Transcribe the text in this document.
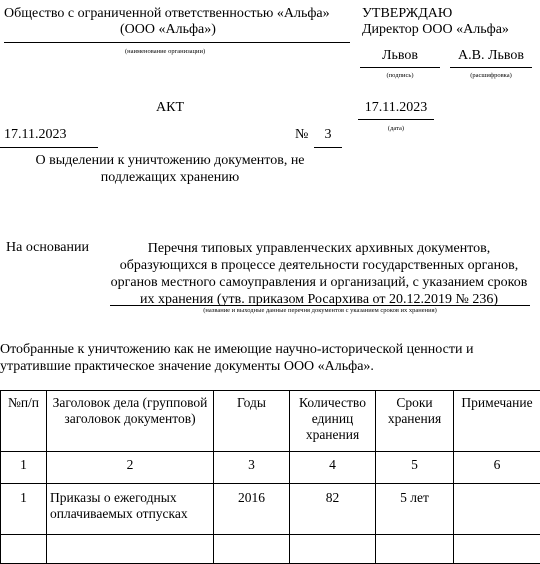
Общество с ограниченной ответственностью «Альфа»
(ООО «Альфа»)
(наименование организации)
УТВЕРЖДАЮ
Директор ООО «Альфа»
Львов
(подпись)
А.В. Львов
(расшифровка)
17.11.2023
(дата)
АКТ
17.11.2023	№	3
О выделении к уничтожению документов, не подлежащих хранению
На основании	Перечня типовых управленческих архивных документов, образующихся в процессе деятельности государственных органов, органов местного самоуправления и организаций, с указанием сроков их хранения (утв. приказом Росархива от 20.12.2019 № 236)
(название и выходные данные перечня документов с указанием сроков их хранения)
Отобранные к уничтожению как не имеющие научно-исторической ценности и утратившие практическое значение документы ООО «Альфа».
№п/п	Заголовок дела (групповой заголовок документов)	Годы	Количество единиц хранения	Сроки хранения	Примечание
1	2	3	4	5	6
1	Приказы о ежегодных оплачиваемых отпусках	2016	82	5 лет	
